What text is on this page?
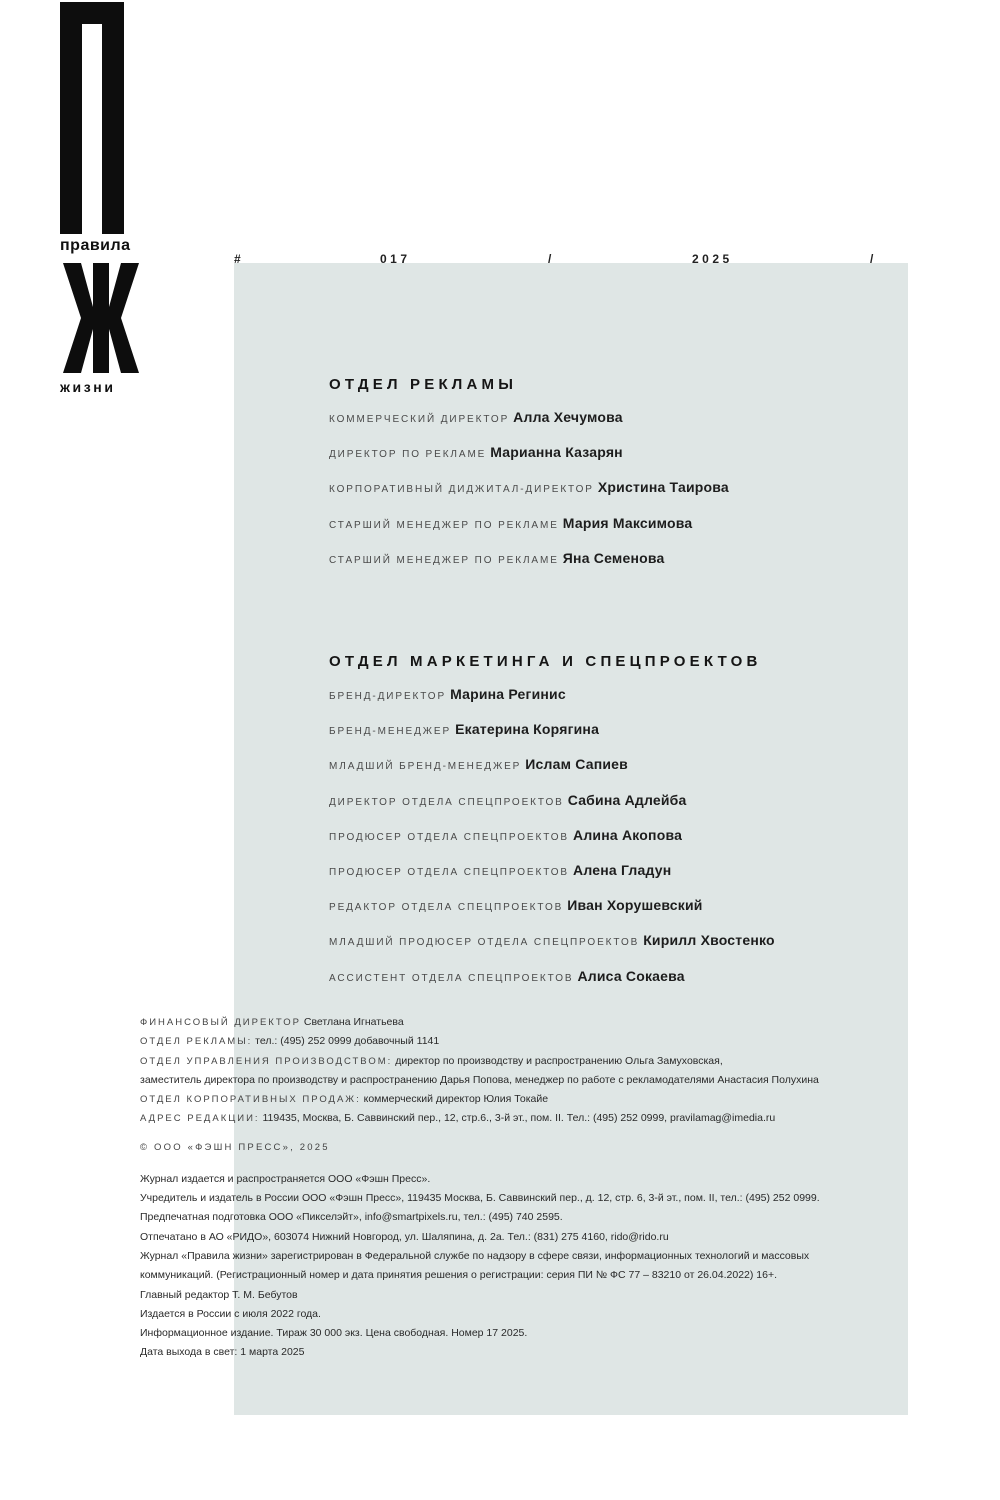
правила
жизни
#	017	/	2025	/
ОТДЕЛ РЕКЛАМЫ
КОММЕРЧЕСКИЙ ДИРЕКТОР Алла Хечумова
ДИРЕКТОР ПО РЕКЛАМЕ Марианна Казарян
КОРПОРАТИВНЫЙ ДИДЖИТАЛ-ДИРЕКТОР Христина Таирова
СТАРШИЙ МЕНЕДЖЕР ПО РЕКЛАМЕ Мария Максимова
СТАРШИЙ МЕНЕДЖЕР ПО РЕКЛАМЕ Яна Семенова
ОТДЕЛ МАРКЕТИНГА И СПЕЦПРОЕКТОВ
БРЕНД-ДИРЕКТОР Марина Регинис
БРЕНД-МЕНЕДЖЕР Екатерина Корягина
МЛАДШИЙ БРЕНД-МЕНЕДЖЕР Ислам Сапиев
ДИРЕКТОР ОТДЕЛА СПЕЦПРОЕКТОВ Сабина Адлейба
ПРОДЮСЕР ОТДЕЛА СПЕЦПРОЕКТОВ Алина Акопова
ПРОДЮСЕР ОТДЕЛА СПЕЦПРОЕКТОВ Алена Гладун
РЕДАКТОР ОТДЕЛА СПЕЦПРОЕКТОВ Иван Хорушевский
МЛАДШИЙ ПРОДЮСЕР ОТДЕЛА СПЕЦПРОЕКТОВ Кирилл Хвостенко
АССИСТЕНТ ОТДЕЛА СПЕЦПРОЕКТОВ Алиса Сокаева
ФИНАНСОВЫЙ ДИРЕКТОР Светлана Игнатьева
ОТДЕЛ РЕКЛАМЫ: тел.: (495) 252 0999 добавочный 1141
ОТДЕЛ УПРАВЛЕНИЯ ПРОИЗВОДСТВОМ: директор по производству и распространению Ольга Замуховская,
заместитель директора по производству и распространению Дарья Попова, менеджер по работе с рекламодателями Анастасия Полухина
ОТДЕЛ КОРПОРАТИВНЫХ ПРОДАЖ: коммерческий директор Юлия Токайе
АДРЕС РЕДАКЦИИ: 119435, Москва, Б. Саввинский пер., 12, стр.6., 3-й эт., пом. II. Тел.: (495) 252 0999, pravilamag@imedia.ru
© ООО «ФЭШН ПРЕСС», 2025
Журнал издается и распространяется ООО «Фэшн Пресс».
Учредитель и издатель в России ООО «Фэшн Пресс», 119435 Москва, Б. Саввинский пер., д. 12, стр. 6, 3-й эт., пом. II, тел.: (495) 252 0999.
Предпечатная подготовка ООО «Пикселэйт», info@smartpixels.ru, тел.: (495) 740 2595.
Отпечатано в АО «РИДО», 603074 Нижний Новгород, ул. Шаляпина, д. 2а. Тел.: (831) 275 4160, rido@rido.ru
Журнал «Правила жизни» зарегистрирован в Федеральной службе по надзору в сфере связи, информационных технологий и массовых
коммуникаций. (Регистрационный номер и дата принятия решения о регистрации: серия ПИ № ФС 77 – 83210 от 26.04.2022) 16+.
Главный редактор Т. М. Бебутов
Издается в России с июля 2022 года.
Информационное издание. Тираж 30 000 экз. Цена свободная. Номер 17 2025.
Дата выхода в свет: 1 марта 2025
